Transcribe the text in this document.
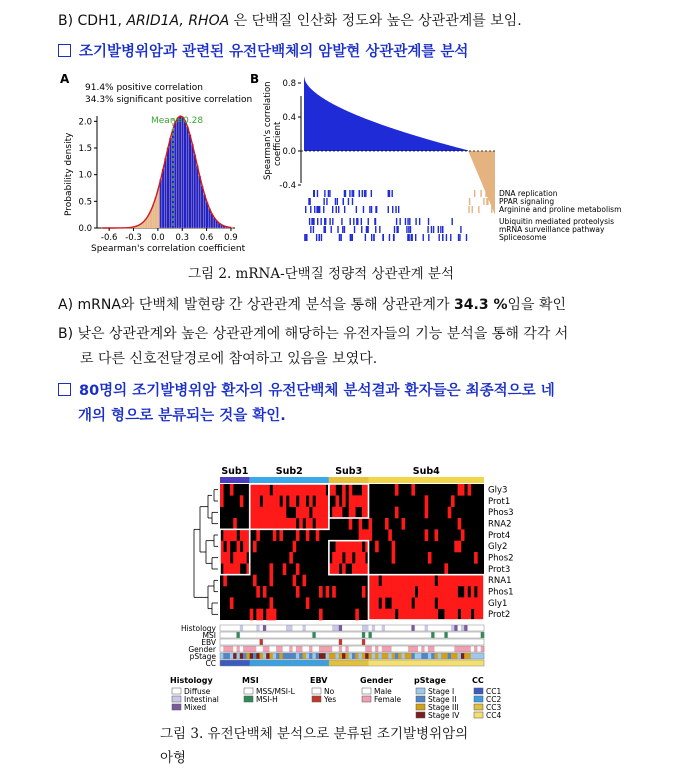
B) CDH1, ARID1A, RHOA 은 단백질 인산화 정도와 높은 상관관계를 보임.
조기발병위암과 관련된 유전단백체의 암발현 상관관계를 분석
A
91.4% positive correlation
34.3% significant positive correlation
Probability density
Mean=0.28
0.0
0.5
1.0
1.5
2.0
-0.6 -0.3 0.0 0.3 0.6 0.9
Spearman's correlation coefficient
B
Spearman's correlation coefficient
0.8
0.4
0.0
-0.4
DNA replication
PPAR signaling
Arginine and proline metabolism
Ubiquitin mediated proteolysis
mRNA surveillance pathway
Spliceosome
그림 2. mRNA-단백질 정량적 상관관계 분석
A) mRNA와 단백체 발현량 간 상관관계 분석을 통해 상관관계가 34.3 %임을 확인
B) 낮은 상관관계와 높은 상관관계에 해당하는 유전자들의 기능 분석을 통해 각각 서
로 다른 신호전달경로에 참여하고 있음을 보였다.
80명의 조기발병위암 환자의 유전단백체 분석결과 환자들은 최종적으로 네
개의 형으로 분류되는 것을 확인.
Sub1	Sub2	Sub3	Sub4
Gly3
Prot1
Phos3
RNA2
Prot4
Gly2
Phos2
Prot3
RNA1
Phos1
Gly1
Prot2
Histology
MSI
EBV
Gender
pStage
CC
Histology
Diffuse
Intestinal
Mixed
MSI
MSS/MSI-L
MSI-H
EBV
No
Yes
Gender
Male
Female
pStage
Stage I
Stage II
Stage III
Stage IV
CC
CC1
CC2
CC3
CC4
그림 3. 유전단백체 분석으로 분류된 조기발병위암의
아형
